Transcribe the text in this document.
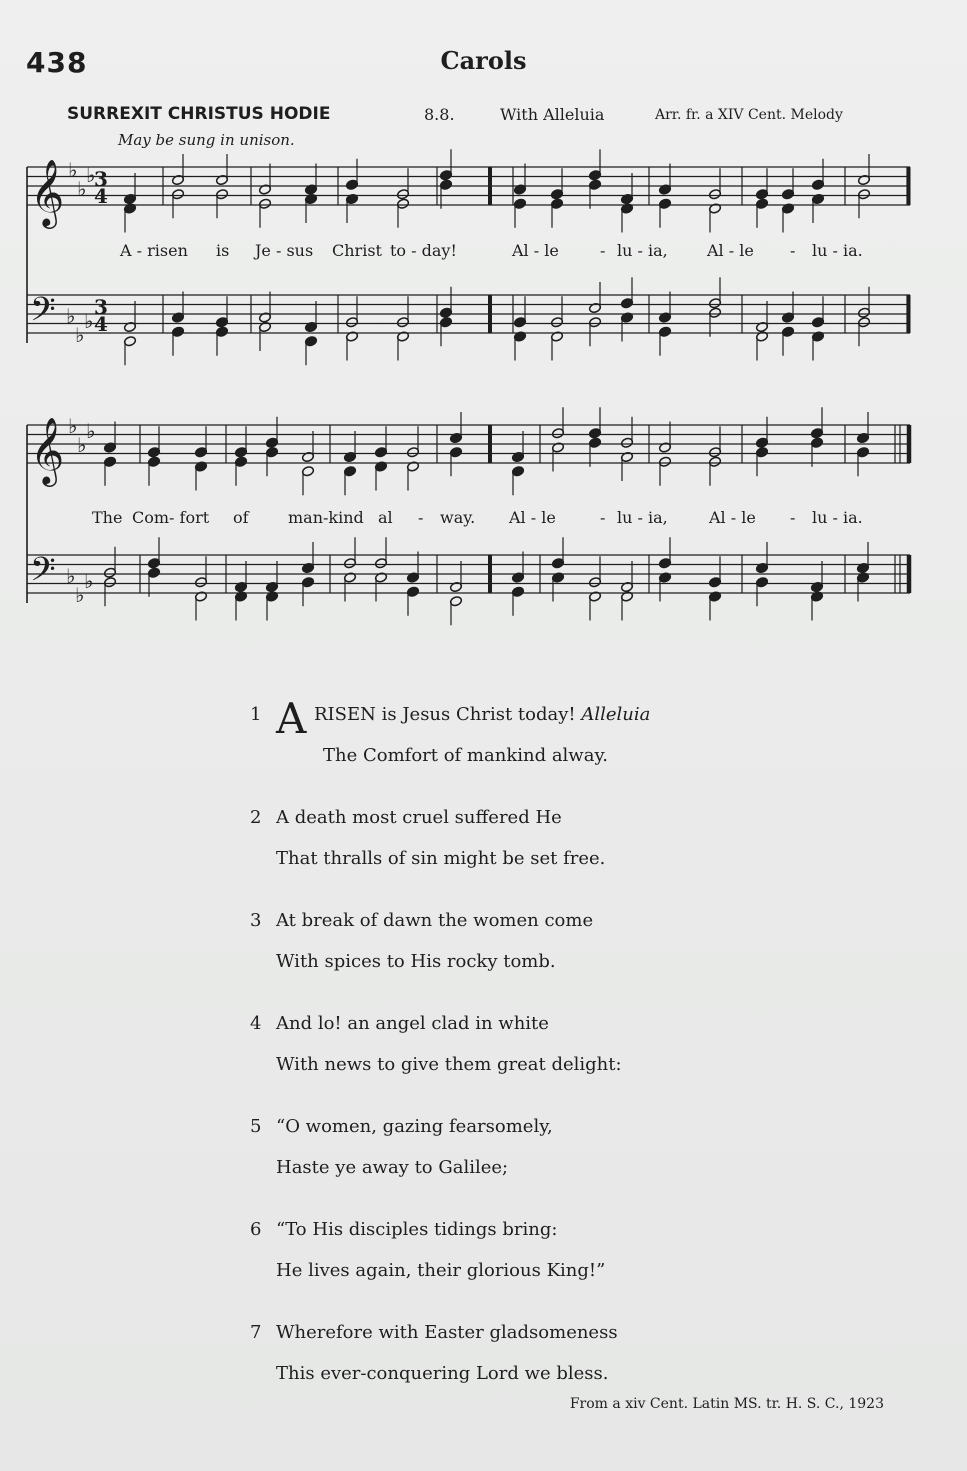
438	Carols
SURREXIT CHRISTUS HODIE	8.8.	With Alleluia	Arr. fr. a XIV Cent. Melody
May be sung in unison.
𝄞
𝄞
𝄢
𝄢
♭
♭
♭
♭
♭
♭
♭
♭
♭
♭
♭
♭
3
4
3
4
A - risen is Je - sus Christ to - day!	Al - le	- lu - ia, Al - le - lu - ia.
The Com- fort of man-kind al - way. Al - le	- lu - ia,	Al - le - lu - ia.
1 A RISEN is Jesus Christ today! Alleluia
The Comfort of mankind alway.
2 A death most cruel suffered He
That thralls of sin might be set free.
3 At break of dawn the women come
With spices to His rocky tomb.
4 And lo! an angel clad in white
With news to give them great delight:
5 “O women, gazing fearsomely,
Haste ye away to Galilee;
6 “To His disciples tidings bring:
He lives again, their glorious King!”
7 Wherefore with Easter gladsomeness
This ever-conquering Lord we bless.
From a xiv Cent. Latin MS. tr. H. S. C., 1923
